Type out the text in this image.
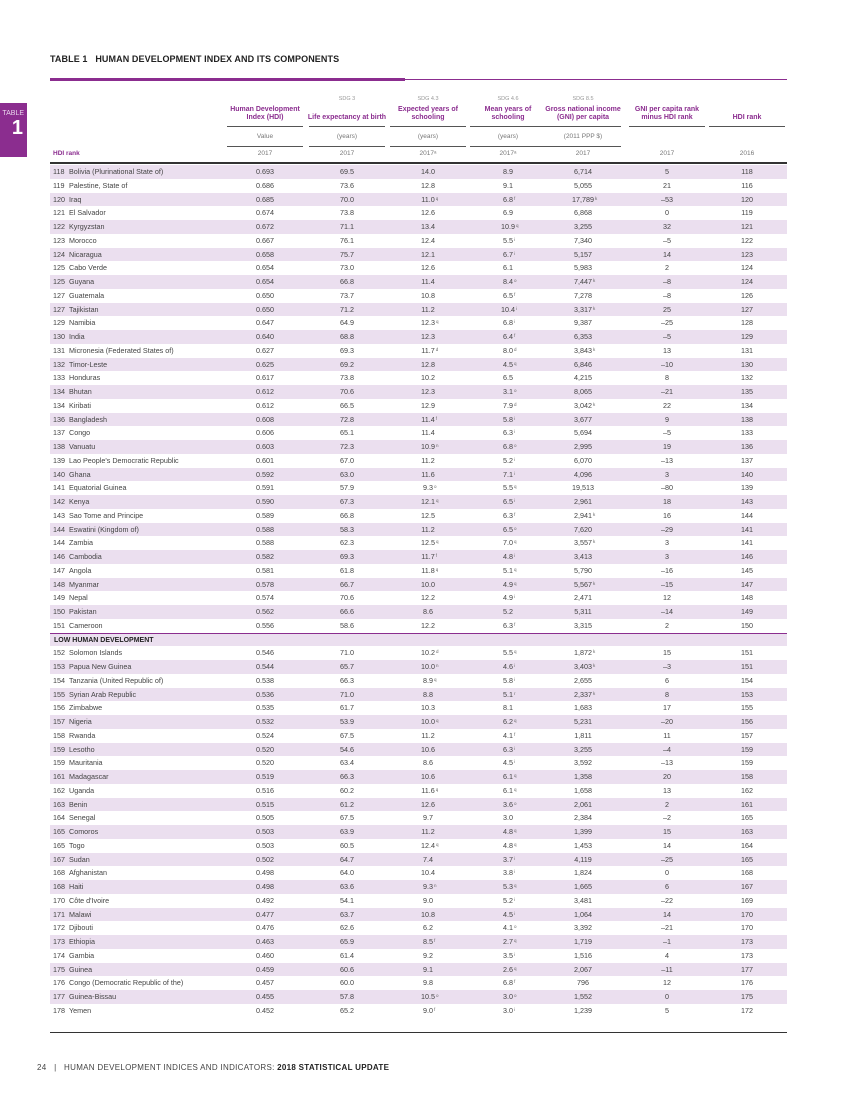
TABLE 1   HUMAN DEVELOPMENT INDEX AND ITS COMPONENTS
TABLE
1
HDI rank
118 Bolivia (Plurinational State of)	0.693	69.5	14.0	8.9	6,714	5	118
119 Palestine, State of	0.686	73.6	12.8	9.1	5,055	21	116
120 Iraq	0.685	70.0	11.0 q	6.8 f	17,789 k	–53	120
121 El Salvador	0.674	73.8	12.6	6.9	6,868	0	119
122 Kyrgyzstan	0.672	71.1	13.4	10.9 q	3,255	32	121
123 Morocco	0.667	76.1	12.4	5.5 i	7,340	–5	122
124 Nicaragua	0.658	75.7	12.1	6.7 i	5,157	14	123
125 Cabo Verde	0.654	73.0	12.6	6.1	5,983	2	124
125 Guyana	0.654	66.8	11.4	8.4 o	7,447 k	–8	124
127 Guatemala	0.650	73.7	10.8	6.5 f	7,278	–8	126
127 Tajikistan	0.650	71.2	11.2	10.4 i	3,317 k	25	127
129 Namibia	0.647	64.9	12.3 q	6.8 i	9,387	–25	128
130 India	0.640	68.8	12.3	6.4 f	6,353	–5	129
131 Micronesia (Federated States of)	0.627	69.3	11.7 d	8.0 d	3,843 k	13	131
132 Timor-Leste	0.625	69.2	12.8	4.5 q	6,846	–10	130
133 Honduras	0.617	73.8	10.2	6.5	4,215	8	132
134 Bhutan	0.612	70.6	12.3	3.1 o	8,065	–21	135
134 Kiribati	0.612	66.5	12.9	7.9 d	3,042 k	22	134
136 Bangladesh	0.608	72.8	11.4 f	5.8 i	3,677	9	138
137 Congo	0.606	65.1	11.4	6.3 i	5,694	–5	133
138 Vanuatu	0.603	72.3	10.9 n	6.8 o	2,995	19	136
139 Lao People's Democratic Republic	0.601	67.0	11.2	5.2 i	6,070	–13	137
140 Ghana	0.592	63.0	11.6	7.1 i	4,096	3	140
141 Equatorial Guinea	0.591	57.9	9.3 o	5.5 q	19,513	–80	139
142 Kenya	0.590	67.3	12.1 q	6.5 i	2,961	18	143
143 Sao Tome and Principe	0.589	66.8	12.5	6.3 f	2,941 k	16	144
144 Eswatini (Kingdom of)	0.588	58.3	11.2	6.5 o	7,620	–29	141
144 Zambia	0.588	62.3	12.5 q	7.0 q	3,557 k	3	141
146 Cambodia	0.582	69.3	11.7 f	4.8 i	3,413	3	146
147 Angola	0.581	61.8	11.8 q	5.1 q	5,790	–16	145
148 Myanmar	0.578	66.7	10.0	4.9 q	5,567 k	–15	147
149 Nepal	0.574	70.6	12.2	4.9 i	2,471	12	148
150 Pakistan	0.562	66.6	8.6	5.2	5,311	–14	149
151 Cameroon	0.556	58.6	12.2	6.3 f	3,315	2	150
LOW HUMAN DEVELOPMENT
152 Solomon Islands	0.546	71.0	10.2 d	5.5 q	1,872 k	15	151
153 Papua New Guinea	0.544	65.7	10.0 n	4.6 i	3,403 k	–3	151
154 Tanzania (United Republic of)	0.538	66.3	8.9 q	5.8 i	2,655	6	154
155 Syrian Arab Republic	0.536	71.0	8.8	5.1 r	2,337 k	8	153
156 Zimbabwe	0.535	61.7	10.3	8.1	1,683	17	155
157 Nigeria	0.532	53.9	10.0 q	6.2 q	5,231	–20	156
158 Rwanda	0.524	67.5	11.2	4.1 f	1,811	11	157
159 Lesotho	0.520	54.6	10.6	6.3 i	3,255	–4	159
159 Mauritania	0.520	63.4	8.6	4.5 i	3,592	–13	159
161 Madagascar	0.519	66.3	10.6	6.1 q	1,358	20	158
162 Uganda	0.516	60.2	11.6 q	6.1 q	1,658	13	162
163 Benin	0.515	61.2	12.6	3.6 o	2,061	2	161
164 Senegal	0.505	67.5	9.7	3.0	2,384	–2	165
165 Comoros	0.503	63.9	11.2	4.8 q	1,399	15	163
165 Togo	0.503	60.5	12.4 q	4.8 q	1,453	14	164
167 Sudan	0.502	64.7	7.4	3.7 i	4,119	–25	165
168 Afghanistan	0.498	64.0	10.4	3.8 i	1,824	0	168
168 Haiti	0.498	63.6	9.3 n	5.3 q	1,665	6	167
170 Côte d'Ivoire	0.492	54.1	9.0	5.2 i	3,481	–22	169
171 Malawi	0.477	63.7	10.8	4.5 i	1,064	14	170
172 Djibouti	0.476	62.6	6.2	4.1 o	3,392	–21	170
173 Ethiopia	0.463	65.9	8.5 f	2.7 q	1,719	–1	173
174 Gambia	0.460	61.4	9.2	3.5 i	1,516	4	173
175 Guinea	0.459	60.6	9.1	2.6 q	2,067	–11	177
176 Congo (Democratic Republic of the)	0.457	60.0	9.8	6.8 f	796	12	176
177 Guinea-Bissau	0.455	57.8	10.5 o	3.0 o	1,552	0	175
178 Yemen	0.452	65.2	9.0 f	3.0 i	1,239	5	172
24 | HUMAN DEVELOPMENT INDICES AND INDICATORS: 2018 STATISTICAL UPDATE
Human Development Index (HDI)
Value
2017
SDG 3
Life expectancy at birth
(years)
2017
SDG 4.3
Expected years of schooling
(years)
2017ᵃ
SDG 4.6
Mean years of schooling
(years)
2017ᵃ
SDG 8.5
Gross national income (GNI) per capita
(2011 PPP $)
2017
GNI per capita rank minus HDI rank
2017
HDI rank
2016
